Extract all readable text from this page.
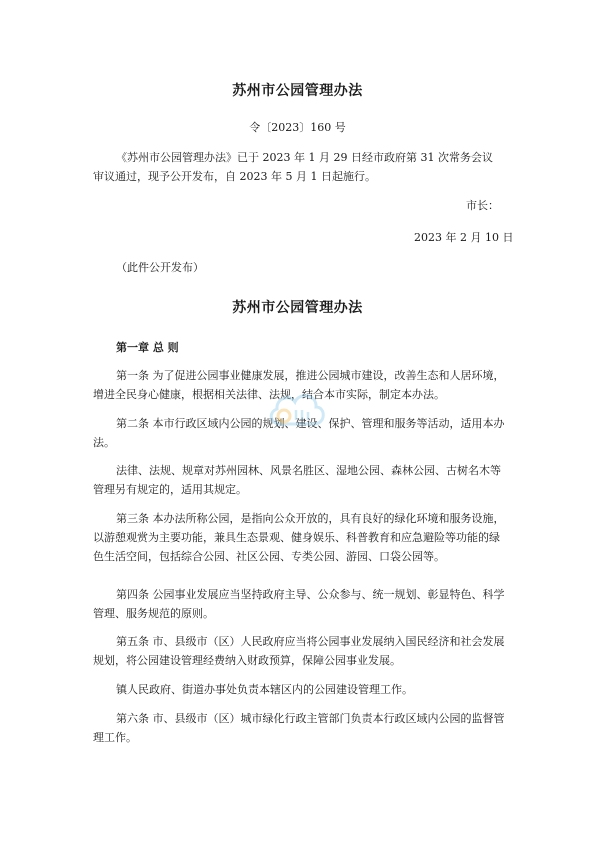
苏州市公园管理办法
令〔2023〕160 号
《苏州市公园管理办法》已于 2023 年 1 月 29 日经市政府第 31 次常务会议
审议通过，现予公开发布，自 2023 年 5 月 1 日起施行。
市长：
2023 年 2 月 10 日
（此件公开发布）
苏州市公园管理办法
第一章 总 则
第一条 为了促进公园事业健康发展，推进公园城市建设，改善生态和人居环境，增进全民身心健康，根据相关法律、法规，结合本市实际，制定本办法。
第二条 本市行政区域内公园的规划、建设、保护、管理和服务等活动，适用本办法。
法律、法规、规章对苏州园林、风景名胜区、湿地公园、森林公园、古树名木等管理另有规定的，适用其规定。
第三条 本办法所称公园，是指向公众开放的，具有良好的绿化环境和服务设施，以游憩观赏为主要功能，兼具生态景观、健身娱乐、科普教育和应急避险等功能的绿色生活空间，包括综合公园、社区公园、专类公园、游园、口袋公园等。
第四条 公园事业发展应当坚持政府主导、公众参与、统一规划、彰显特色、科学管理、服务规范的原则。
第五条 市、县级市（区）人民政府应当将公园事业发展纳入国民经济和社会发展规划，将公园建设管理经费纳入财政预算，保障公园事业发展。
镇人民政府、街道办事处负责本辖区内的公园建设管理工作。
第六条 市、县级市（区）城市绿化行政主管部门负责本行政区域内公园的监督管理工作。
